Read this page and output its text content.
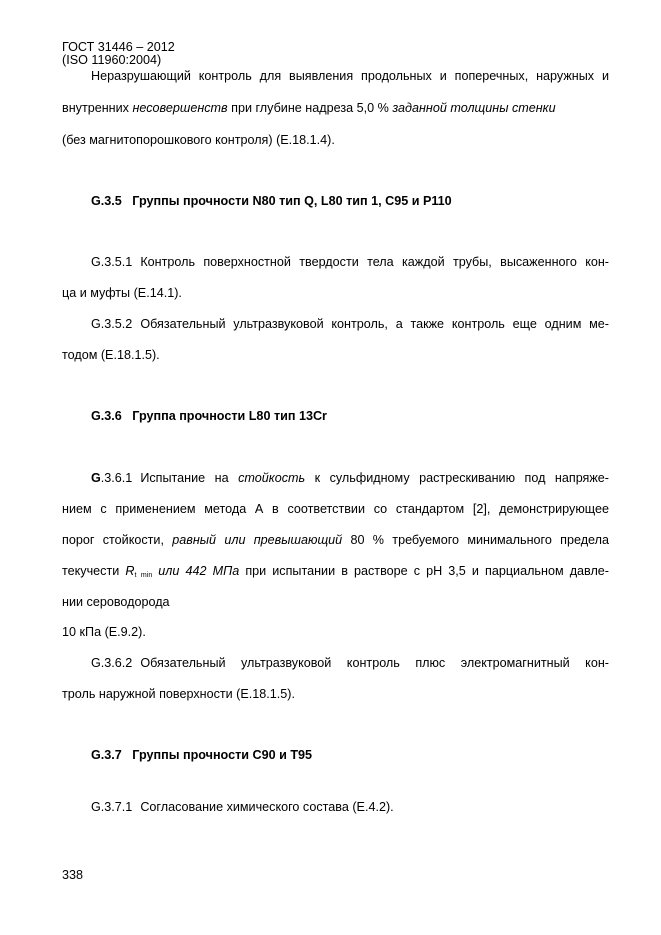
ГОСТ 31446 – 2012
(ISO 11960:2004)
Неразрушающий контроль для выявления продольных и поперечных, наружных и
внутренних несовершенств при глубине надреза 5,0 % заданной толщины стенки
(без магнитопорошкового контроля) (Е.18.1.4).
G.3.5   Группы прочности N80 тип Q, L80 тип 1, С95 и Р110
G.3.5.1 Контроль поверхностной твердости тела каждой трубы, высаженного кон-
ца и муфты (Е.14.1).
G.3.5.2 Обязательный ультразвуковой контроль, а также контроль еще одним ме-
тодом (Е.18.1.5).
G.3.6   Группа прочности L80 тип 13Cr
G.3.6.1 Испытание на стойкость к сульфидному растрескиванию под напряже-
нием с применением метода А в соответствии со стандартом [2], демонстрирующее
порог стойкости, равный или превышающий 80 % требуемого минимального предела
текучести $R_{t min}$ или 442 МПа при испытании в растворе с рН 3,5 и парциальном давле-
нии сероводорода
10 кПа (Е.9.2).
G.3.6.2 Обязательный ультразвуковой контроль плюс электромагнитный кон-
троль наружной поверхности (Е.18.1.5).
G.3.7   Группы прочности С90 и Т95
G.3.7.1 Согласование химического состава (Е.4.2).
338
